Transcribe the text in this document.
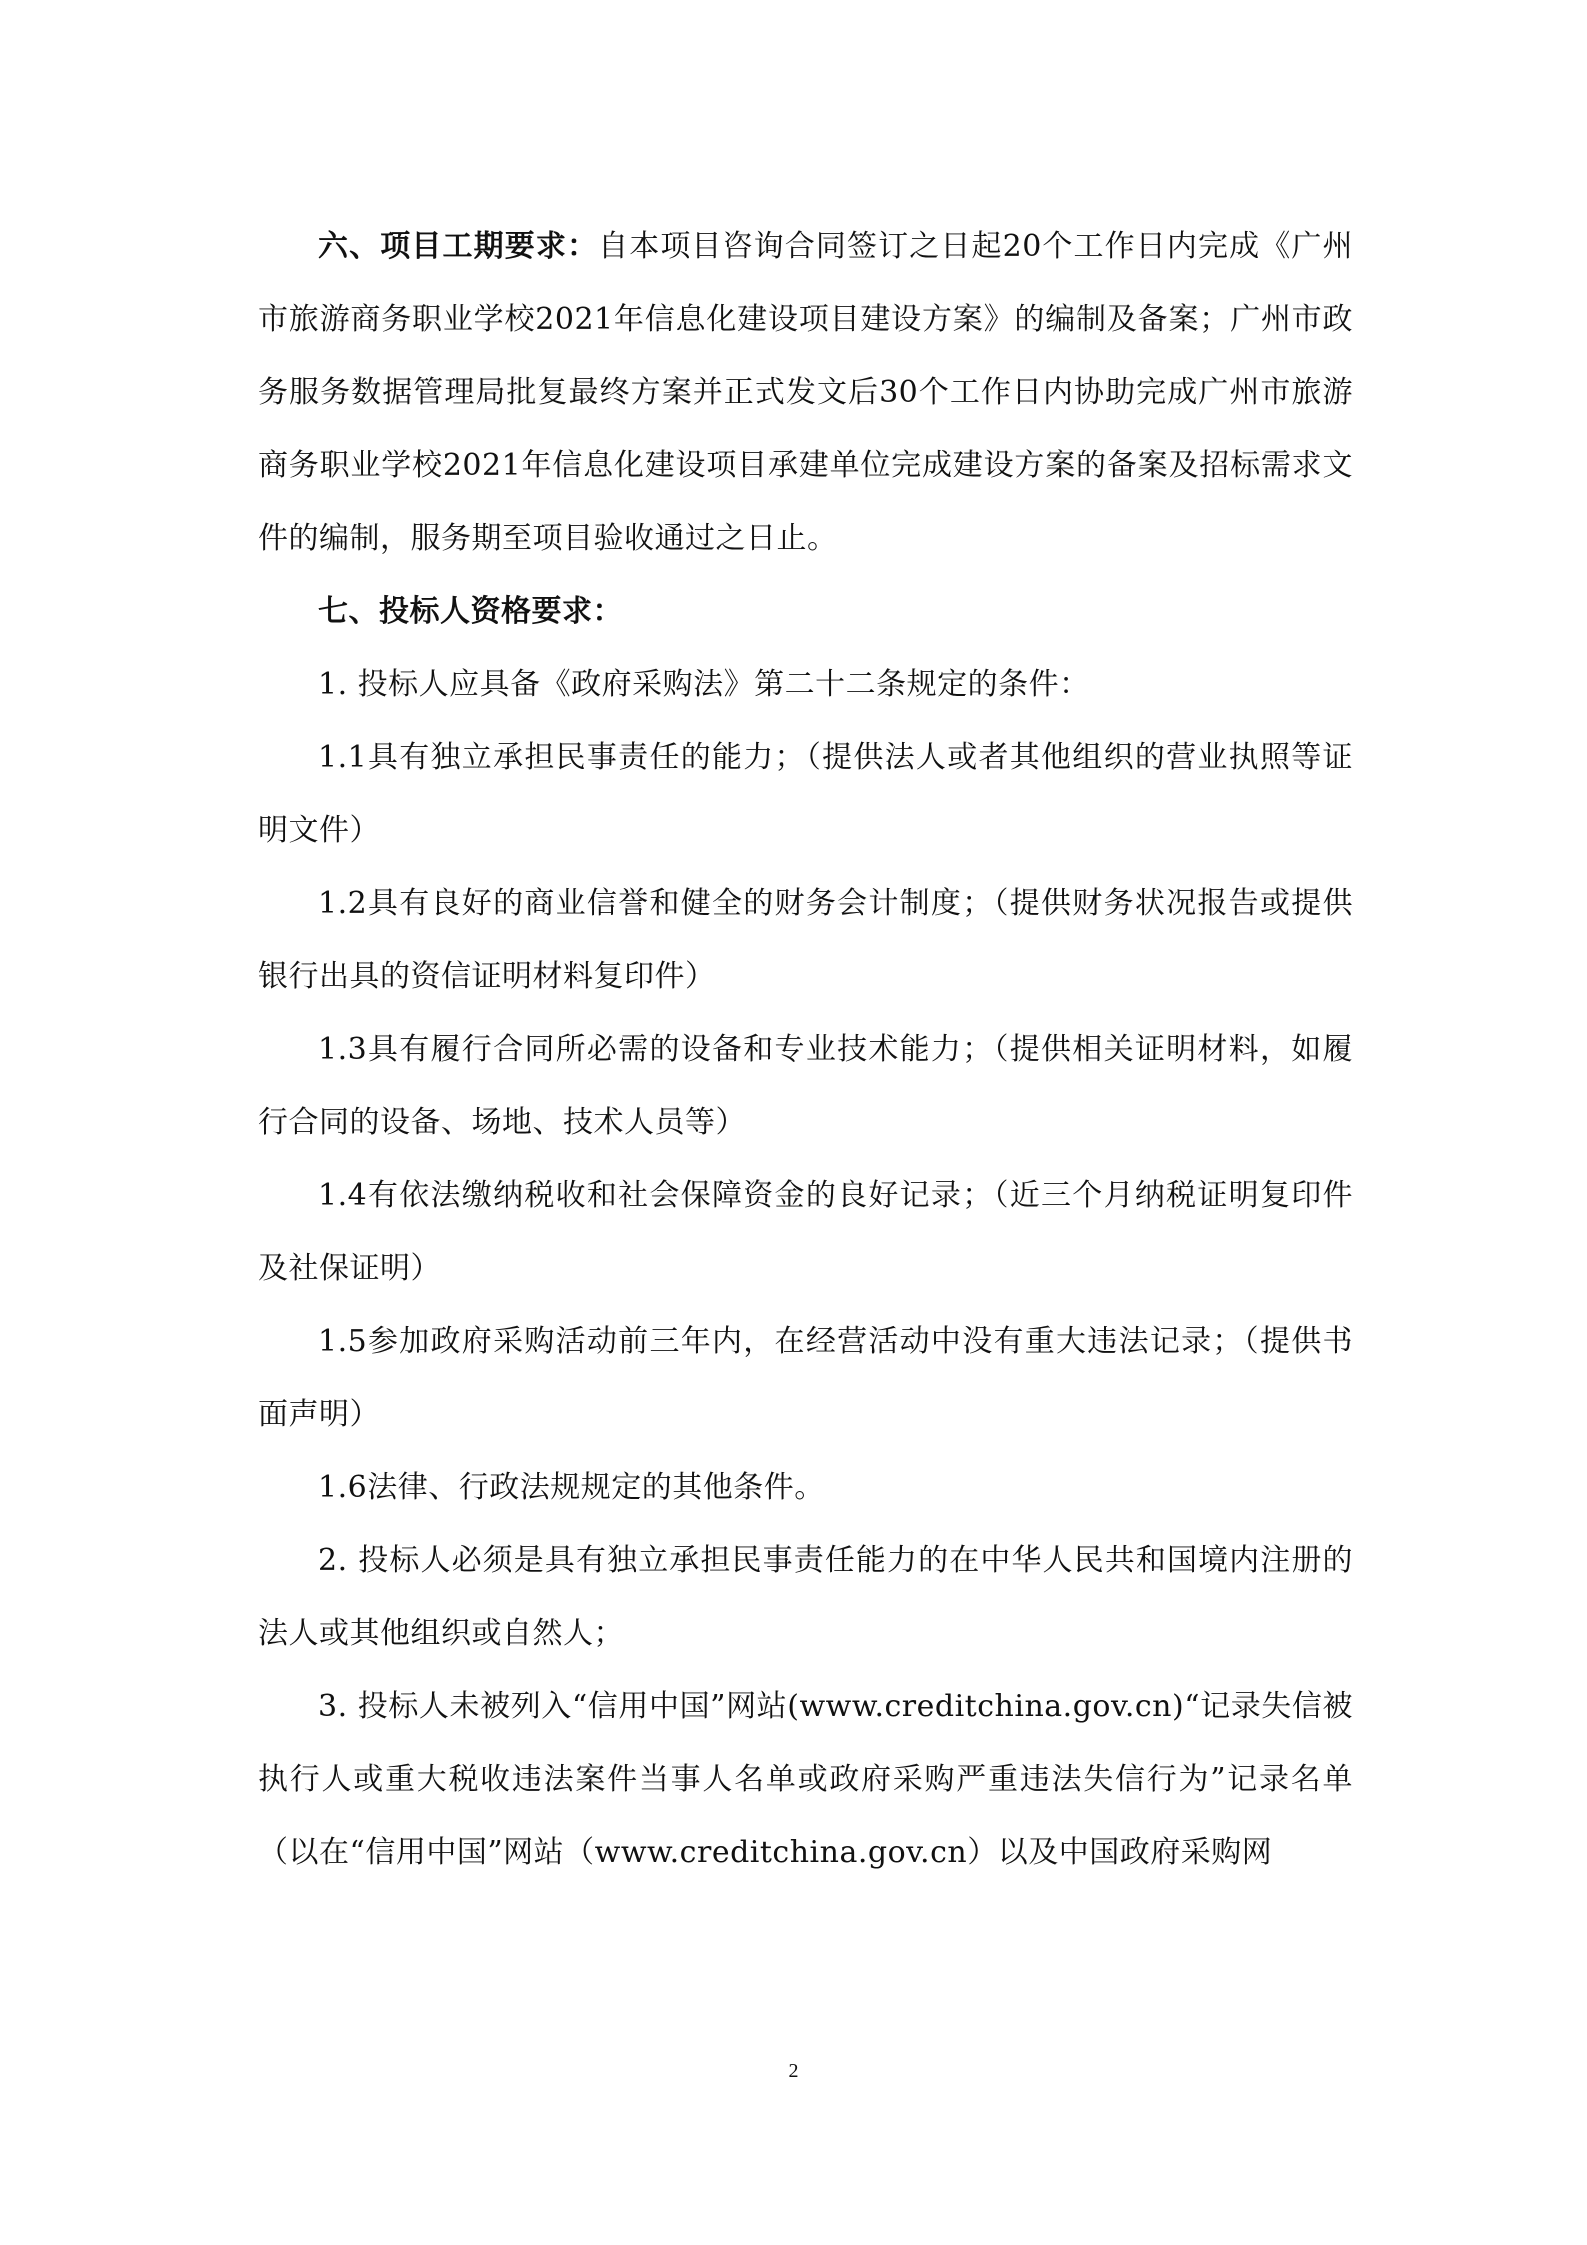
六、项目工期要求：自本项目咨询合同签订之日起20个工作日内完成《广州市旅游商务职业学校2021年信息化建设项目建设方案》的编制及备案；广州市政务服务数据管理局批复最终方案并正式发文后30个工作日内协助完成广州市旅游商务职业学校2021年信息化建设项目承建单位完成建设方案的备案及招标需求文件的编制，服务期至项目验收通过之日止。

七、投标人资格要求：

1. 投标人应具备《政府采购法》第二十二条规定的条件：

1.1具有独立承担民事责任的能力；（提供法人或者其他组织的营业执照等证明文件）

1.2具有良好的商业信誉和健全的财务会计制度；（提供财务状况报告或提供银行出具的资信证明材料复印件）

1.3具有履行合同所必需的设备和专业技术能力；（提供相关证明材料，如履行合同的设备、场地、技术人员等）

1.4有依法缴纳税收和社会保障资金的良好记录；（近三个月纳税证明复印件及社保证明）

1.5参加政府采购活动前三年内，在经营活动中没有重大违法记录；（提供书面声明）

1.6法律、行政法规规定的其他条件。

2. 投标人必须是具有独立承担民事责任能力的在中华人民共和国境内注册的法人或其他组织或自然人；

3. 投标人未被列入“信用中国”网站(www.creditchina.gov.cn)“记录失信被执行人或重大税收违法案件当事人名单或政府采购严重违法失信行为”记录名单（以在“信用中国”网站（www.creditchina.gov.cn）以及中国政府采购网

2
